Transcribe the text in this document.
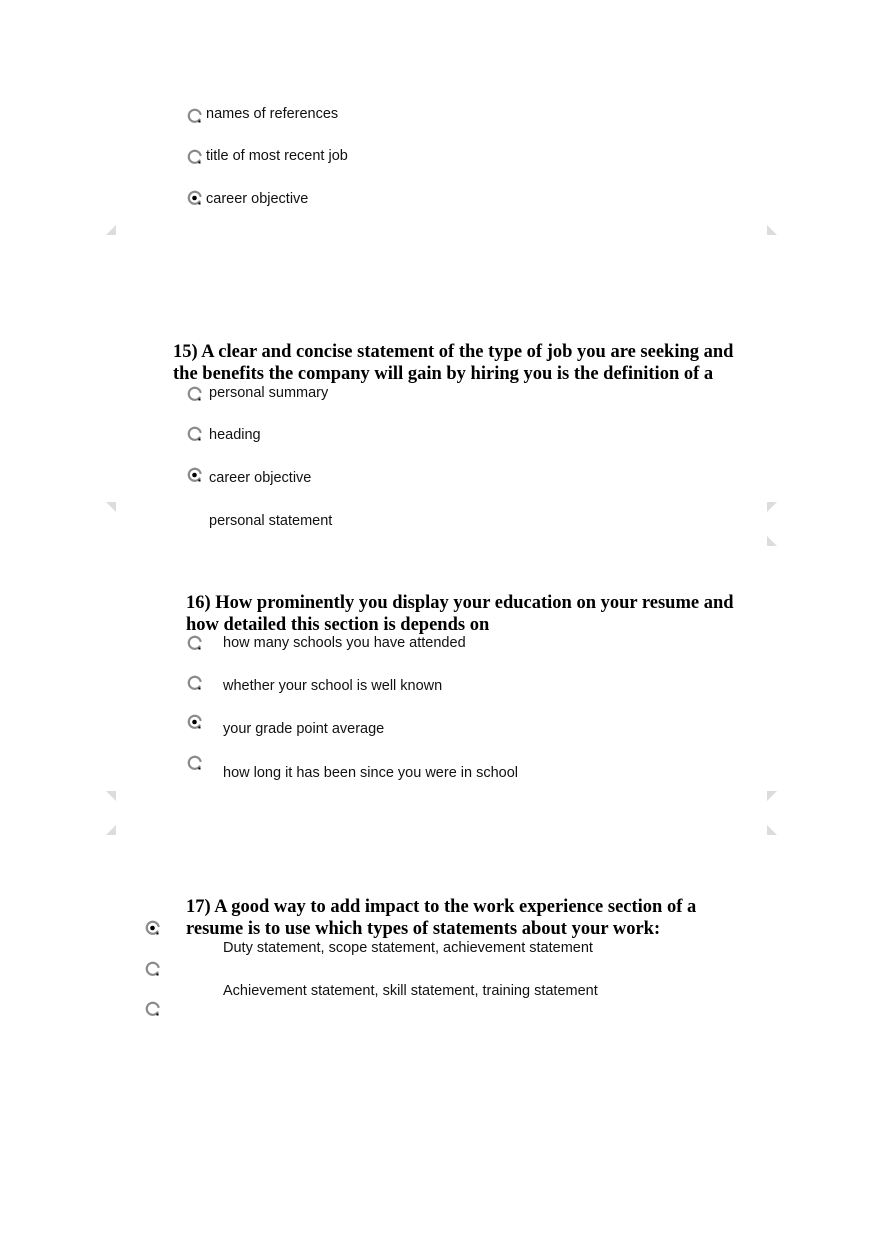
names of references
title of most recent job
career objective
15) A clear and concise statement of the type of job you are seeking and
the benefits the company will gain by hiring you is the definition of a
personal summary
heading
career objective
personal statement
16) How prominently you display your education on your resume and
how detailed this section is depends on
how many schools you have attended
whether your school is well known
your grade point average
how long it has been since you were in school
17) A good way to add impact to the work experience section of a
resume is to use which types of statements about your work:
Duty statement, scope statement, achievement statement
Achievement statement, skill statement, training statement
